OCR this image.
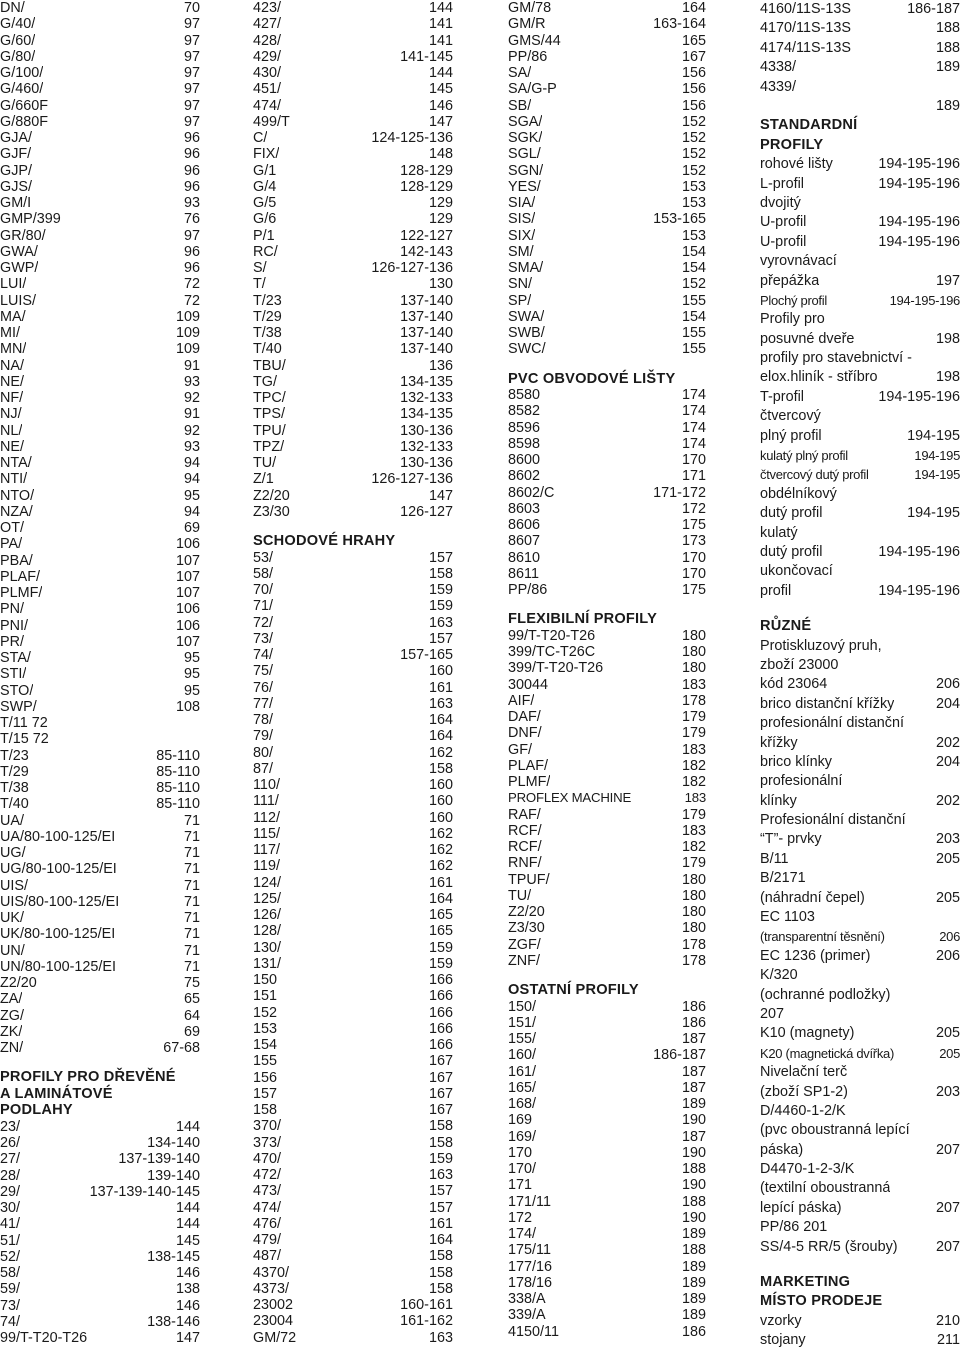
DN/	70
G/40/	97
G/60/	97
G/80/	97
G/100/	97
G/460/	97
G/660F	97
G/880F	97
GJA/	96
GJF/	96
GJP/	96
GJS/	96
GM/I	93
GMP/399	76
GR/80/	97
GWA/	96
GWP/	96
LUI/	72
LUIS/	72
MA/	109
MI/	109
MN/	109
NA/	91
NE/	93
NF/	92
NJ/	91
NL/	92
NE/	93
NTA/	94
NTI/	94
NTO/	95
NZA/	94
OT/	69
PA/	106
PBA/	107
PLAF/	107
PLMF/	107
PN/	106
PNI/	106
PR/	107
STA/	95
STI/	95
STO/	95
SWP/	108
T/11 72
T/15 72
T/23	85-110
T/29	85-110
T/38	85-110
T/40	85-110
UA/	71
UA/80-100-125/EI	71
UG/	71
UG/80-100-125/EI	71
UIS/	71
UIS/80-100-125/EI	71
UK/	71
UK/80-100-125/EI	71
UN/	71
UN/80-100-125/EI	71
Z2/20	75
ZA/	65
ZG/	64
ZK/	69
ZN/	67-68
PROFILY PRO DŘEVĚNÉ
A LAMINÁTOVÉ
PODLAHY
23/	144
26/	134-140
27/	137-139-140
28/	139-140
29/	137-139-140-145
30/	144
41/	144
51/	145
52/	138-145
58/	146
59/	138
73/	146
74/	138-146
99/T-T20-T26	147
423/	144
427/	141
428/	141
429/	141-145
430/	144
451/	145
474/	146
499/T	147
C/	124-125-136
FIX/	148
G/1	128-129
G/4	128-129
G/5	129
G/6	129
P/1	122-127
RC/	142-143
S/	126-127-136
T/	130
T/23	137-140
T/29	137-140
T/38	137-140
T/40	137-140
TBU/	136
TG/	134-135
TPC/	132-133
TPS/	134-135
TPU/	130-136
TPZ/	132-133
TU/	130-136
Z/1	126-127-136
Z2/20	147
Z3/30	126-127
SCHODOVÉ HRAHY
53/	157
58/	158
70/	159
71/	159
72/	163
73/	157
74/	157-165
75/	160
76/	161
77/	163
78/	164
79/	164
80/	162
87/	158
110/	160
111/	160
112/	160
115/	162
117/	162
119/	162
124/	161
125/	164
126/	165
128/	165
130/	159
131/	159
150	166
151	166
152	166
153	166
154	166
155	167
156	167
157	167
158	167
370/	158
373/	158
470/	159
472/	163
473/	157
474/	157
476/	161
479/	164
487/	158
4370/	158
4373/	158
23002	160-161
23004	161-162
GM/72	163
GM/78	164
GM/R	163-164
GMS/44	165
PP/86	167
SA/	156
SA/G-P	156
SB/	156
SGA/	152
SGK/	152
SGL/	152
SGN/	152
YES/	153
SIA/	153
SIS/	153-165
SIX/	153
SM/	154
SMA/	154
SN/	152
SP/	155
SWA/	154
SWB/	155
SWC/	155
PVC OBVODOVÉ LIŠTY
8580	174
8582	174
8596	174
8598	174
8600	170
8602	171
8602/C	171-172
8603	172
8606	175
8607	173
8610	170
8611	170
PP/86	175
FLEXIBILNÍ PROFILY
99/T-T20-T26	180
399/TC-T26C	180
399/T-T20-T26	180
30044	183
AIF/	178
DAF/	179
DNF/	179
GF/	183
PLAF/	182
PLMF/	182
PROFLEX MACHINE	183
RAF/	179
RCF/	183
RCF/	182
RNF/	179
TPUF/	180
TU/	180
Z2/20	180
Z3/30	180
ZGF/	178
ZNF/	178
OSTATNÍ PROFILY
150/	186
151/	186
155/	187
160/	186-187
161/	187
165/	187
168/	189
169	190
169/	187
170	190
170/	188
171	190
171/11	188
172	190
174/	189
175/11	188
177/16	189
178/16	189
338/A	189
339/A	189
4150/11	186
4160/11S-13S	186-187
4170/11S-13S	188
4174/11S-13S	188
4338/	189
4339/
189
STANDARDNÍ
PROFILY
rohové lišty	194-195-196
L-profil	194-195-196
dvojitý
U-profil	194-195-196
U-profil	194-195-196
vyrovnávací
přepážka	197
Plochý profil	194-195-196
Profily pro
posuvné dveře	198
profily pro stavebnictví -
elox.hliník - stříbro	198
T-profil	194-195-196
čtvercový
plný profil	194-195
kulatý plný profil	194-195
čtvercový dutý profil	194-195
obdélníkový
dutý profil	194-195
kulatý
dutý profil	194-195-196
ukončovací
profil	194-195-196
RŮZNÉ
Protiskluzový pruh,
zboží 23000
kód 23064	206
brico distanční křížky	204
profesionální distanční
křížky	202
brico klínky	204
profesionální
klínky	202
Profesionální distanční
“T”- prvky	203
B/11	205
B/2171
(náhradní čepel)	205
EC 1103
(transparentní těsnění)	206
EC 1236 (primer)	206
K/320
(ochranné podložky)
207
K10 (magnety)	205
K20 (magnetická dvířka)	205
Nivelační terč
(zboží SP1-2)	203
D/4460-1-2/K
(pvc oboustranná lepící
páska)	207
D4470-1-2-3/K
(textilní oboustranná
lepící páska)	207
PP/86 201
SS/4-5 RR/5 (šrouby)	207
MARKETING
MÍSTO PRODEJE
vzorky	210
stojany	211
